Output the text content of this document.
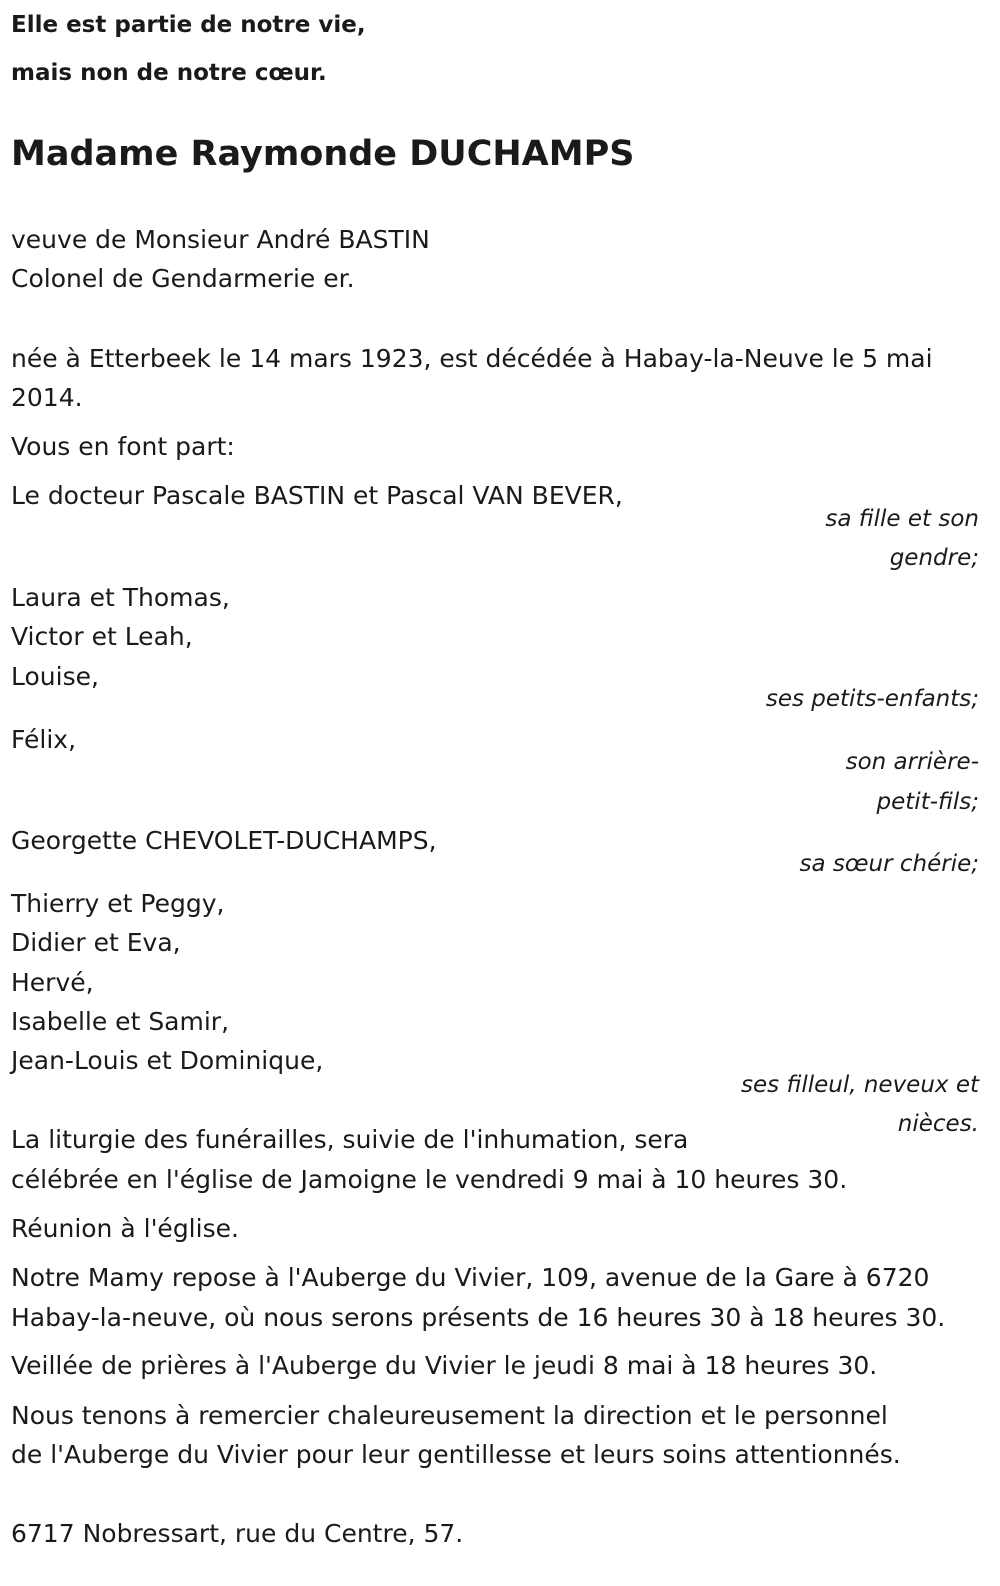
Elle est partie de notre vie,

mais non de notre cœur.

Madame Raymonde DUCHAMPS

veuve de Monsieur André BASTIN

Colonel de Gendarmerie er.

née à Etterbeek le 14 mars 1923, est décédée à Habay-la-Neuve le 5 mai

2014.

Vous en font part:

Le docteur Pascale BASTIN et Pascal VAN BEVER,

sa fille et son

gendre;

Laura et Thomas,

Victor et Leah,

Louise,

ses petits-enfants;

Félix,

son arrière-

petit-fils;

Georgette CHEVOLET-DUCHAMPS,

sa sœur chérie;

Thierry et Peggy,

Didier et Eva,

Hervé,

Isabelle et Samir,

Jean-Louis et Dominique,

ses filleul, neveux et

nièces.

La liturgie des funérailles, suivie de l'inhumation, sera

célébrée en l'église de Jamoigne le vendredi 9 mai à 10 heures 30.

Réunion à l'église.

Notre Mamy repose à l'Auberge du Vivier, 109, avenue de la Gare à 6720

Habay-la-neuve, où nous serons présents de 16 heures 30 à 18 heures 30.

Veillée de prières à l'Auberge du Vivier le jeudi 8 mai à 18 heures 30.

Nous tenons à remercier chaleureusement la direction et le personnel

de l'Auberge du Vivier pour leur gentillesse et leurs soins attentionnés.

6717 Nobressart, rue du Centre, 57.
